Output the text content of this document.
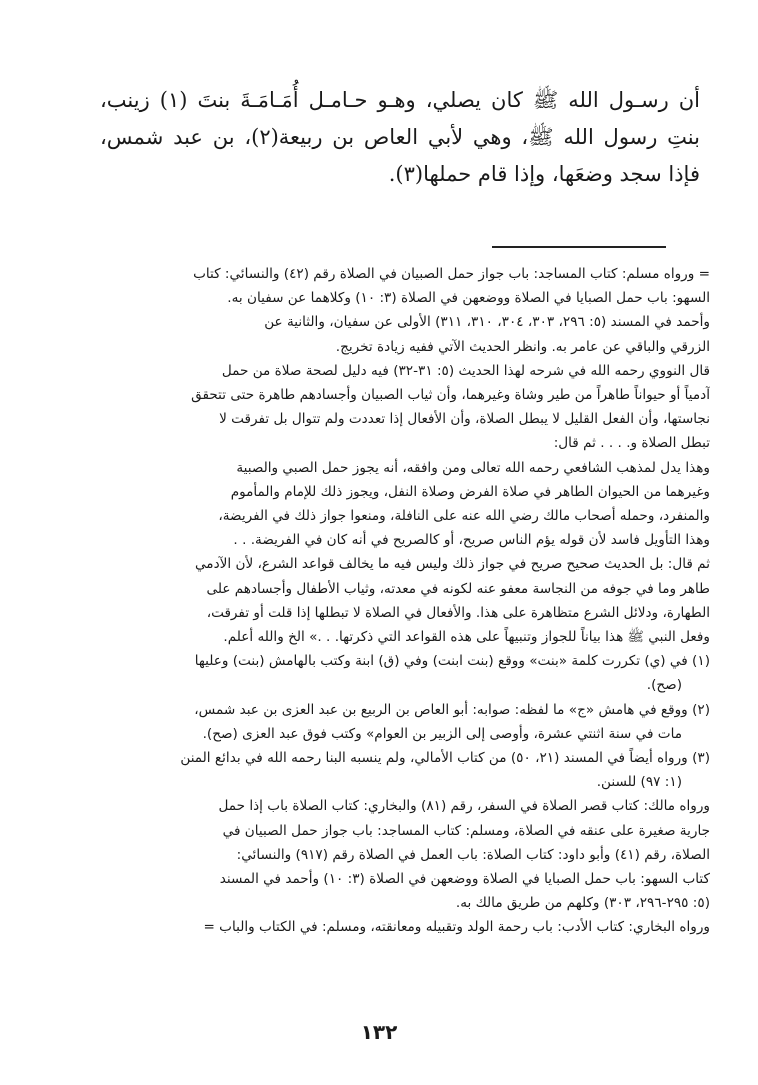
أن رسـول الله ﷺ كان يصلي، وهـو حـامـل أُمَـامَـةَ بنتَ (١) زينب،
بنتِ رسول الله ﷺ، وهي لأبي العاص بن ربيعة(٢)، بن عبد شمس،
فإذا سجد وضعَها، وإذا قام حملها(٣).
= ورواه مسلم: كتاب المساجد: باب جواز حمل الصبيان في الصلاة رقم (٤٢) والنسائي: كتاب
السهو: باب حمل الصبايا في الصلاة ووضعهن في الصلاة (٣: ١٠) وكلاهما عن سفيان به.
وأحمد في المسند (٥: ٢٩٦، ٣٠٣، ٣٠٤، ٣١٠، ٣١١) الأولى عن سفيان، والثانية عن
الزرقي والباقي عن عامر به. وانظر الحديث الآتي ففيه زيادة تخريج.
قال النووي رحمه الله في شرحه لهذا الحديث (٥: ٣١-٣٢) فيه دليل لصحة صلاة من حمل
آدمياً أو حيواناً طاهراً من طير وشاة وغيرهما، وأن ثياب الصبيان وأجسادهم طاهرة حتى تتحقق
نجاستها، وأن الفعل القليل لا يبطل الصلاة، وأن الأفعال إذا تعددت ولم تتوال بل تفرقت لا
تبطل الصلاة و. . . . ثم قال:
وهذا يدل لمذهب الشافعي رحمه الله تعالى ومن وافقه، أنه يجوز حمل الصبي والصبية
وغيرهما من الحيوان الطاهر في صلاة الفرض وصلاة النفل، ويجوز ذلك للإمام والمأموم
والمنفرد، وحمله أصحاب مالك رضي الله عنه على النافلة، ومنعوا جواز ذلك في الفريضة،
وهذا التأويل فاسد لأن قوله يؤم الناس صريح، أو كالصريح في أنه كان في الفريضة. . .
ثم قال: بل الحديث صحيح صريح في جواز ذلك وليس فيه ما يخالف قواعد الشرع، لأن الآدمي
طاهر وما في جوفه من النجاسة معفو عنه لكونه في معدته، وثياب الأطفال وأجسادهم على
الطهارة، ودلائل الشرع متظاهرة على هذا. والأفعال في الصلاة لا تبطلها إذا قلت أو تفرقت،
وفعل النبي ﷺ هذا بياناً للجواز وتنبيهاً على هذه القواعد التي ذكرتها. . .» الخ والله أعلم.
(١) في (ي) تكررت كلمة «بنت» ووقع (بنت ابنت) وفي (ق) ابنة وكتب بالهامش (بنت) وعليها
(صح).
(٢) ووقع في هامش «ج» ما لفظه: صوابه: أبو العاص بن الربيع بن عبد العزى بن عبد شمس،
مات في سنة اثنتي عشرة، وأوصى إلى الزبير بن العوام» وكتب فوق عبد العزى (صح).
(٣) ورواه أيضاً في المسند (٢١، ٥٠) من كتاب الأمالي، ولم ينسبه البنا رحمه الله في بدائع المنن
(١: ٩٧) للسنن.
ورواه مالك: كتاب قصر الصلاة في السفر، رقم (٨١) والبخاري: كتاب الصلاة باب إذا حمل
جارية صغيرة على عنقه في الصلاة، ومسلم: كتاب المساجد: باب جواز حمل الصبيان في
الصلاة، رقم (٤١) وأبو داود: كتاب الصلاة: باب العمل في الصلاة رقم (٩١٧) والنسائي:
كتاب السهو: باب حمل الصبايا في الصلاة ووضعهن في الصلاة (٣: ١٠) وأحمد في المسند
(٥: ٢٩٥-٢٩٦، ٣٠٣) وكلهم من طريق مالك به.
ورواه البخاري: كتاب الأدب: باب رحمة الولد وتقبيله ومعانقته، ومسلم: في الكتاب والباب =
١٣٢
